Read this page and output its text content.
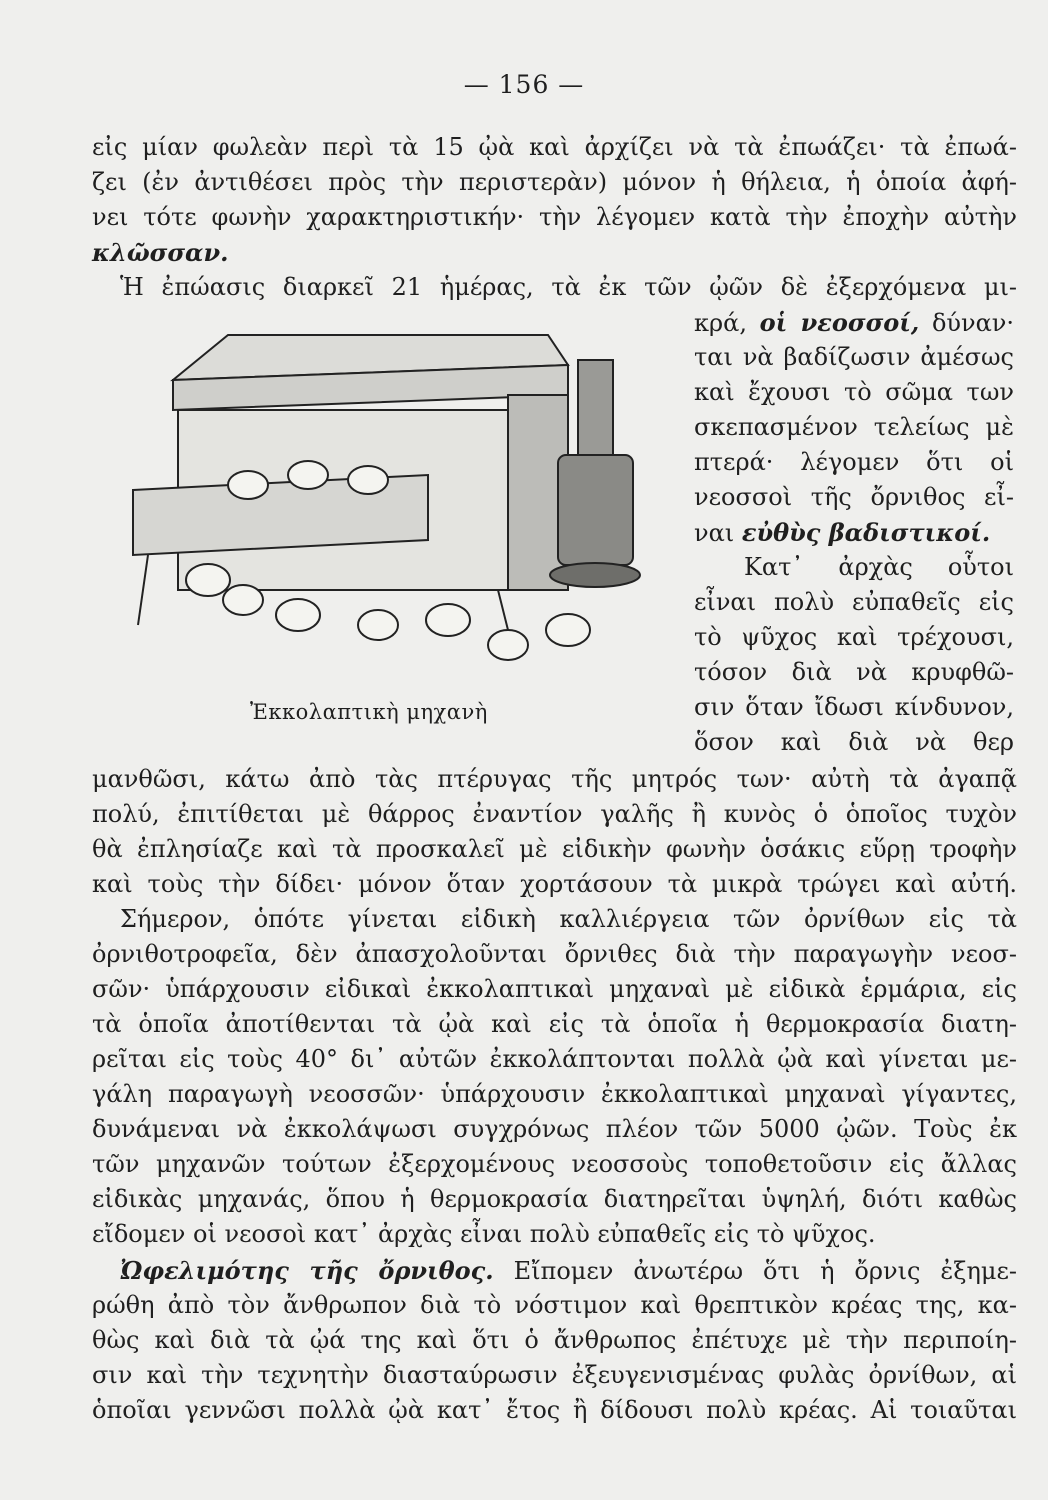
— 156 —
εἰς μίαν φωλεὰν περὶ τὰ 15 ᾠὰ καὶ ἀρχίζει νὰ τὰ ἐπωάζει· τὰ ἐπωά-
ζει (ἐν ἀντιθέσει πρὸς τὴν περιστερὰν) μόνον ἡ θήλεια, ἡ ὁποία ἀφή-
νει τότε φωνὴν χαρακτηριστικήν· τὴν λέγομεν κατὰ τὴν ἐποχὴν αὐτὴν
κλῶσσαν.
Ἡ ἐπώασις διαρκεῖ 21 ἡμέρας, τὰ ἐκ τῶν ᾠῶν δὲ ἐξερχόμενα μι-
κρά, οἱ νεοσσοί, δύναν·
ται νὰ βαδίζωσιν ἀμέσως
καὶ ἔχουσι τὸ σῶμα των
σκεπασμένον τελείως μὲ
πτερά· λέγομεν ὅτι οἱ
νεοσσοὶ τῆς ὄρνιθος εἶ-
ναι εὐθὺς βαδιστικοί.
Κατ᾿ ἀρχὰς οὗτοι
εἶναι πολὺ εὐπαθεῖς εἰς
τὸ ψῦχος καὶ τρέχουσι,
τόσον διὰ νὰ κρυφθῶ-
σιν ὅταν ἴδωσι κίνδυνον,
ὅσον καὶ διὰ νὰ θερ
μανθῶσι, κάτω ἀπὸ τὰς πτέρυγας τῆς μητρός των· αὐτὴ τὰ ἀγαπᾷ
πολύ, ἐπιτίθεται μὲ θάρρος ἐναντίον γαλῆς ἢ κυνὸς ὁ ὁποῖος τυχὸν
θὰ ἐπλησίαζε καὶ τὰ προσκαλεῖ μὲ εἰδικὴν φωνὴν ὁσάκις εὕρῃ τροφὴν
καὶ τοὺς τὴν δίδει· μόνον ὅταν χορτάσουν τὰ μικρὰ τρώγει καὶ αὐτή.
Ἐκκολαπτικὴ μηχανὴ
Σήμερον, ὁπότε γίνεται εἰδικὴ καλλιέργεια τῶν ὀρνίθων εἰς τὰ
ὀρνιθοτροφεῖα, δὲν ἀπασχολοῦνται ὄρνιθες διὰ τὴν παραγωγὴν νεοσ-
σῶν· ὑπάρχουσιν εἰδικαὶ ἐκκολαπτικαὶ μηχαναὶ μὲ εἰδικὰ ἑρμάρια, εἰς
τὰ ὁποῖα ἀποτίθενται τὰ ᾠὰ καὶ εἰς τὰ ὁποῖα ἡ θερμοκρασία διατη-
ρεῖται εἰς τοὺς 40° δι᾿ αὐτῶν ἐκκολάπτονται πολλὰ ᾠὰ καὶ γίνεται με-
γάλη παραγωγὴ νεοσσῶν· ὑπάρχουσιν ἐκκολαπτικαὶ μηχαναὶ γίγαντες,
δυνάμεναι νὰ ἐκκολάψωσι συγχρόνως πλέον τῶν 5000 ᾠῶν. Τοὺς ἐκ
τῶν μηχανῶν τούτων ἐξερχομένους νεοσσοὺς τοποθετοῦσιν εἰς ἄλλας
εἰδικὰς μηχανάς, ὅπου ἡ θερμοκρασία διατηρεῖται ὑψηλή, διότι καθὼς
εἴδομεν οἱ νεοσοὶ κατ᾿ ἀρχὰς εἶναι πολὺ εὐπαθεῖς εἰς τὸ ψῦχος.
Ὠφελιμότης τῆς ὄρνιθος. Εἴπομεν ἀνωτέρω ὅτι ἡ ὄρνις ἐξημε-
ρώθη ἀπὸ τὸν ἄνθρωπον διὰ τὸ νόστιμον καὶ θρεπτικὸν κρέας της, κα-
θὼς καὶ διὰ τὰ ᾠά της καὶ ὅτι ὁ ἄνθρωπος ἐπέτυχε μὲ τὴν περιποίη-
σιν καὶ τὴν τεχνητὴν διασταύρωσιν ἐξευγενισμένας φυλὰς ὀρνίθων, αἱ
ὁποῖαι γεννῶσι πολλὰ ᾠὰ κατ᾿ ἔτος ἢ δίδουσι πολὺ κρέας. Αἱ τοιαῦται
